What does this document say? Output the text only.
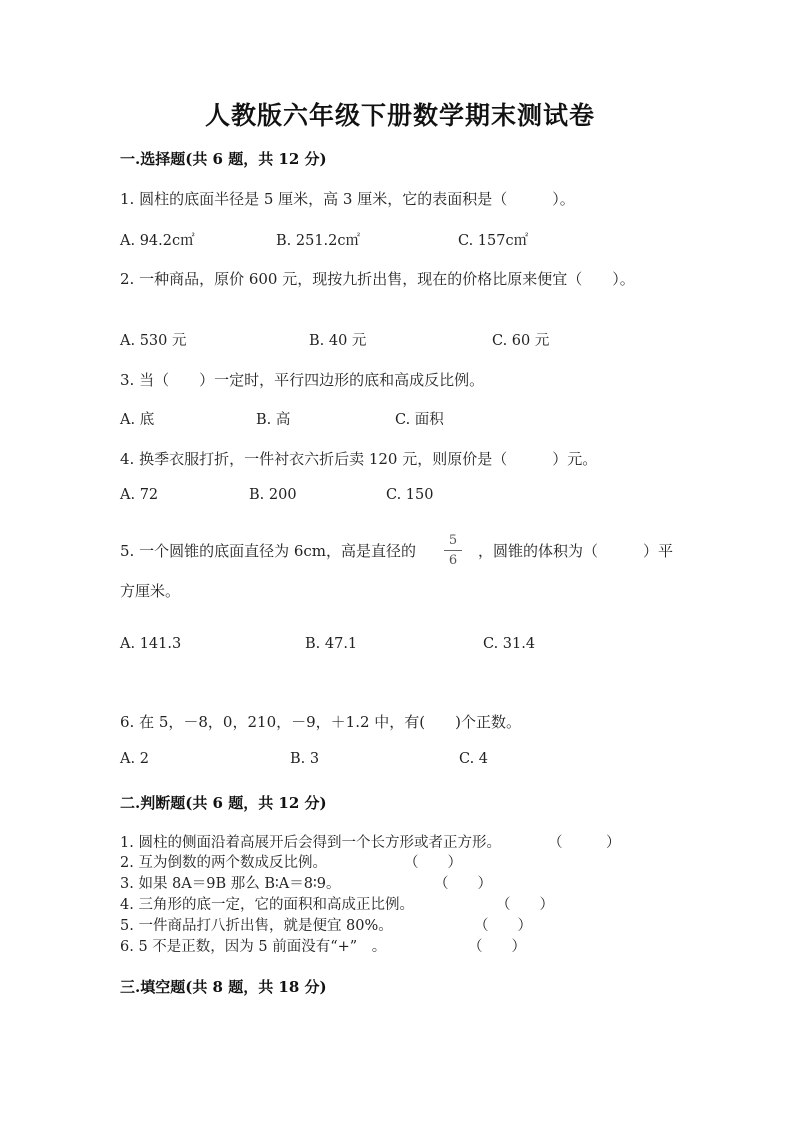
人教版六年级下册数学期末测试卷
一.选择题(共 6 题，共 12 分)
1. 圆柱的底面半径是 5 厘米，高 3 厘米，它的表面积是（　　　）。
A. 94.2c㎡	B. 251.2c㎡	C. 157c㎡
2. 一种商品，原价 600 元，现按九折出售，现在的价格比原来便宜（　　）。
A. 530 元	B. 40 元	C. 60 元
3. 当（　　）一定时，平行四边形的底和高成反比例。
A. 底	B. 高	C. 面积
4. 换季衣服打折，一件衬衣六折后卖 120 元，则原价是（　　　）元。
A. 72	B. 200	C. 150
5. 一个圆锥的底面直径为 6cm，高是直径的
5
6
，圆锥的体积为（　　　）平
方厘米。
A. 141.3	B. 47.1	C. 31.4
6. 在 5，－8，0，210，－9，＋1.2 中，有(　　)个正数。
A. 2	B. 3	C. 4
二.判断题(共 6 题，共 12 分)
1. 圆柱的侧面沿着高展开后会得到一个长方形或者正方形。	（　　　）
2. 互为倒数的两个数成反比例。	（　　）
3. 如果 8A＝9B 那么 B∶A＝8∶9。	（　　）
4. 三角形的底一定，它的面积和高成正比例。	（　　）
5. 一件商品打八折出售，就是便宜 80%。	（　　）
6. 5 不是正数，因为 5 前面没有“+”　。	（　　）
三.填空题(共 8 题，共 18 分)
